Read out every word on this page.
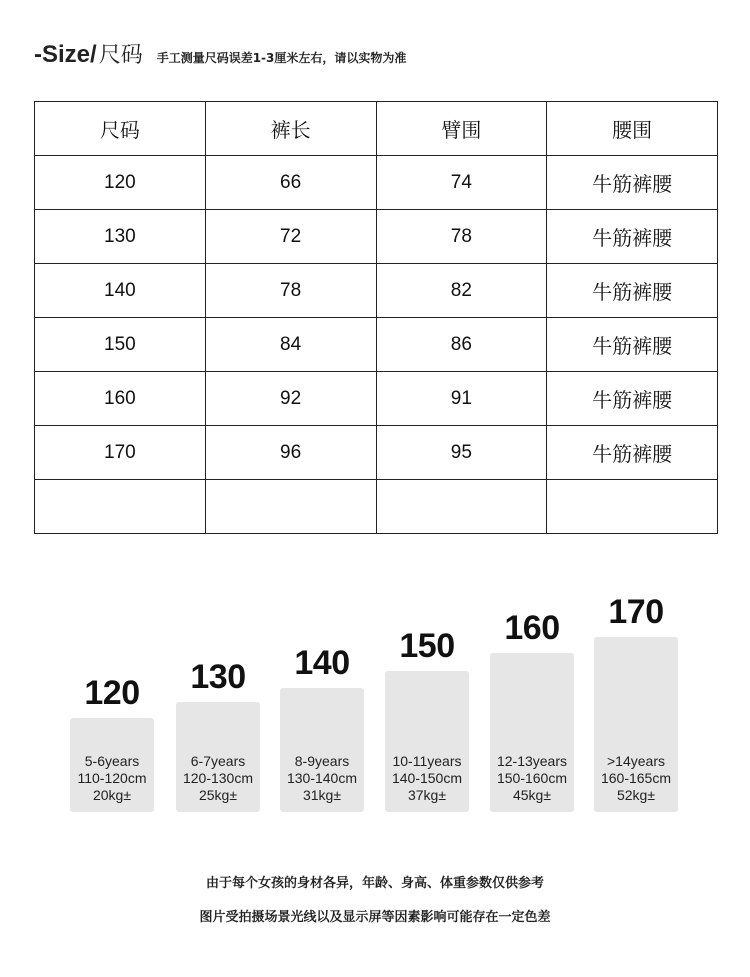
-Size/ 尺码 手工测量尺码误差1-3厘米左右，请以实物为准
尺码	裤长	臂围	腰围
120	66	74	牛筋裤腰
130	72	78	牛筋裤腰
140	78	82	牛筋裤腰
150	84	86	牛筋裤腰
160	92	91	牛筋裤腰
170	96	95	牛筋裤腰

120
5-6years
110-120cm
20kg±
130
6-7years
120-130cm
25kg±
140
8-9years
130-140cm
31kg±
150
10-11years
140-150cm
37kg±
160
12-13years
150-160cm
45kg±
170
>14years
160-165cm
52kg±
由于每个女孩的身材各异，年龄、身高、体重参数仅供参考
图片受拍摄场景光线以及显示屏等因素影响可能存在一定色差
